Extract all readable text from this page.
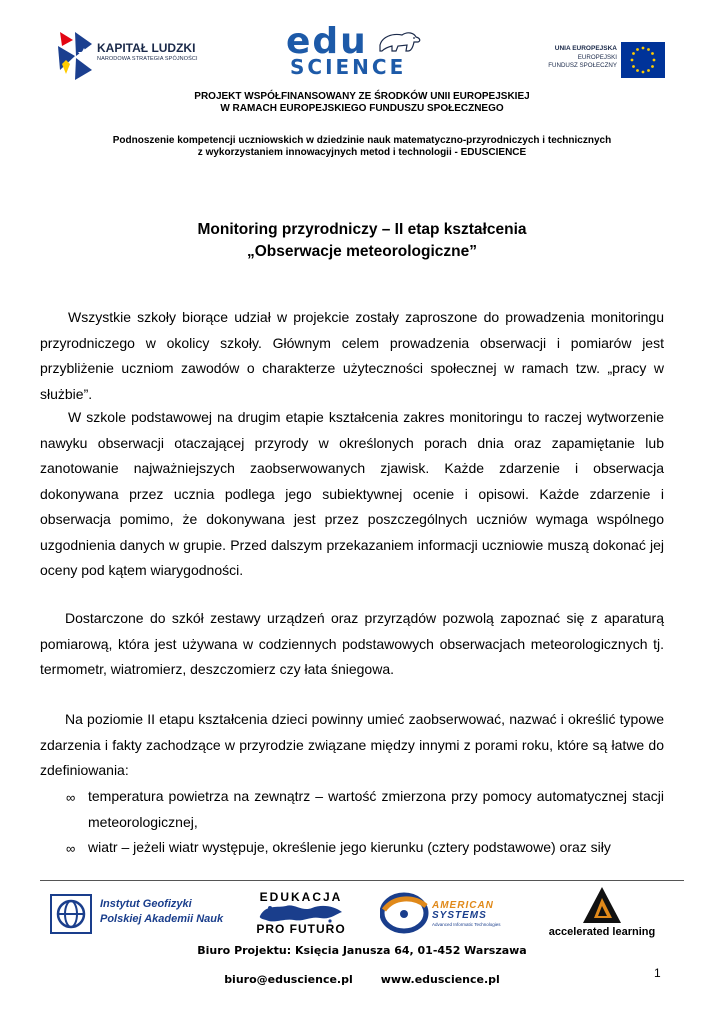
KAPITAŁ LUDZKI
NARODOWA STRATEGIA SPÓJNOŚCI edu
SCIENCE
UNIA EUROPEJSKA
EUROPEJSKI
FUNDUSZ SPOŁECZNY
PROJEKT WSPÓŁFINANSOWANY ZE ŚRODKÓW UNII EUROPEJSKIEJ
W RAMACH EUROPEJSKIEGO FUNDUSZU SPOŁECZNEGO
Podnoszenie kompetencji uczniowskich w dziedzinie nauk matematyczno-przyrodniczych i technicznych
z wykorzystaniem innowacyjnych metod i technologii - EDUSCIENCE
Monitoring przyrodniczy – II etap kształcenia
„Obserwacje meteorologiczne”
Wszystkie szkoły biorące udział w projekcie zostały zaproszone do prowadzenia monitoringu przyrodniczego w okolicy szkoły. Głównym celem prowadzenia obserwacji i pomiarów jest przybliżenie uczniom zawodów o charakterze użyteczności społecznej w ramach tzw. „pracy w służbie”.
W szkole podstawowej na drugim etapie kształcenia zakres monitoringu to raczej wytworzenie nawyku obserwacji otaczającej przyrody w określonych porach dnia oraz zapamiętanie lub zanotowanie najważniejszych zaobserwowanych zjawisk. Każde zdarzenie i obserwacja dokonywana przez ucznia podlega jego subiektywnej ocenie i opisowi. Każde zdarzenie i obserwacja pomimo, że dokonywana jest przez poszczególnych uczniów wymaga wspólnego uzgodnienia danych w grupie. Przed dalszym przekazaniem informacji uczniowie muszą dokonać jej oceny pod kątem wiarygodności.
Dostarczone do szkół zestawy urządzeń oraz przyrządów pozwolą zapoznać się z aparaturą pomiarową, która jest używana w codziennych podstawowych obserwacjach meteorologicznych tj. termometr, wiatromierz, deszczomierz czy łata śniegowa.
Na poziomie II etapu kształcenia dzieci powinny umieć zaobserwować, nazwać i określić typowe zdarzenia i fakty zachodzące w przyrodzie związane między innymi z porami roku, które są łatwe do zdefiniowania:
∞ temperatura powietrza na zewnątrz – wartość zmierzona przy pomocy automatycznej stacji meteorologicznej,
∞ wiatr – jeżeli wiatr występuje, określenie jego kierunku (cztery podstawowe) oraz siły
Instytut Geofizyki
Polskiej Akademii Nauk
EDUKACJA
PRO FUTURO
AMERICAN
SYSTEMS
Advanced Informatic Technologies
accelerated learning
Biuro Projektu: Księcia Janusza 64, 01-452 Warszawa
biuro@eduscience.pl	www.eduscience.pl	1
